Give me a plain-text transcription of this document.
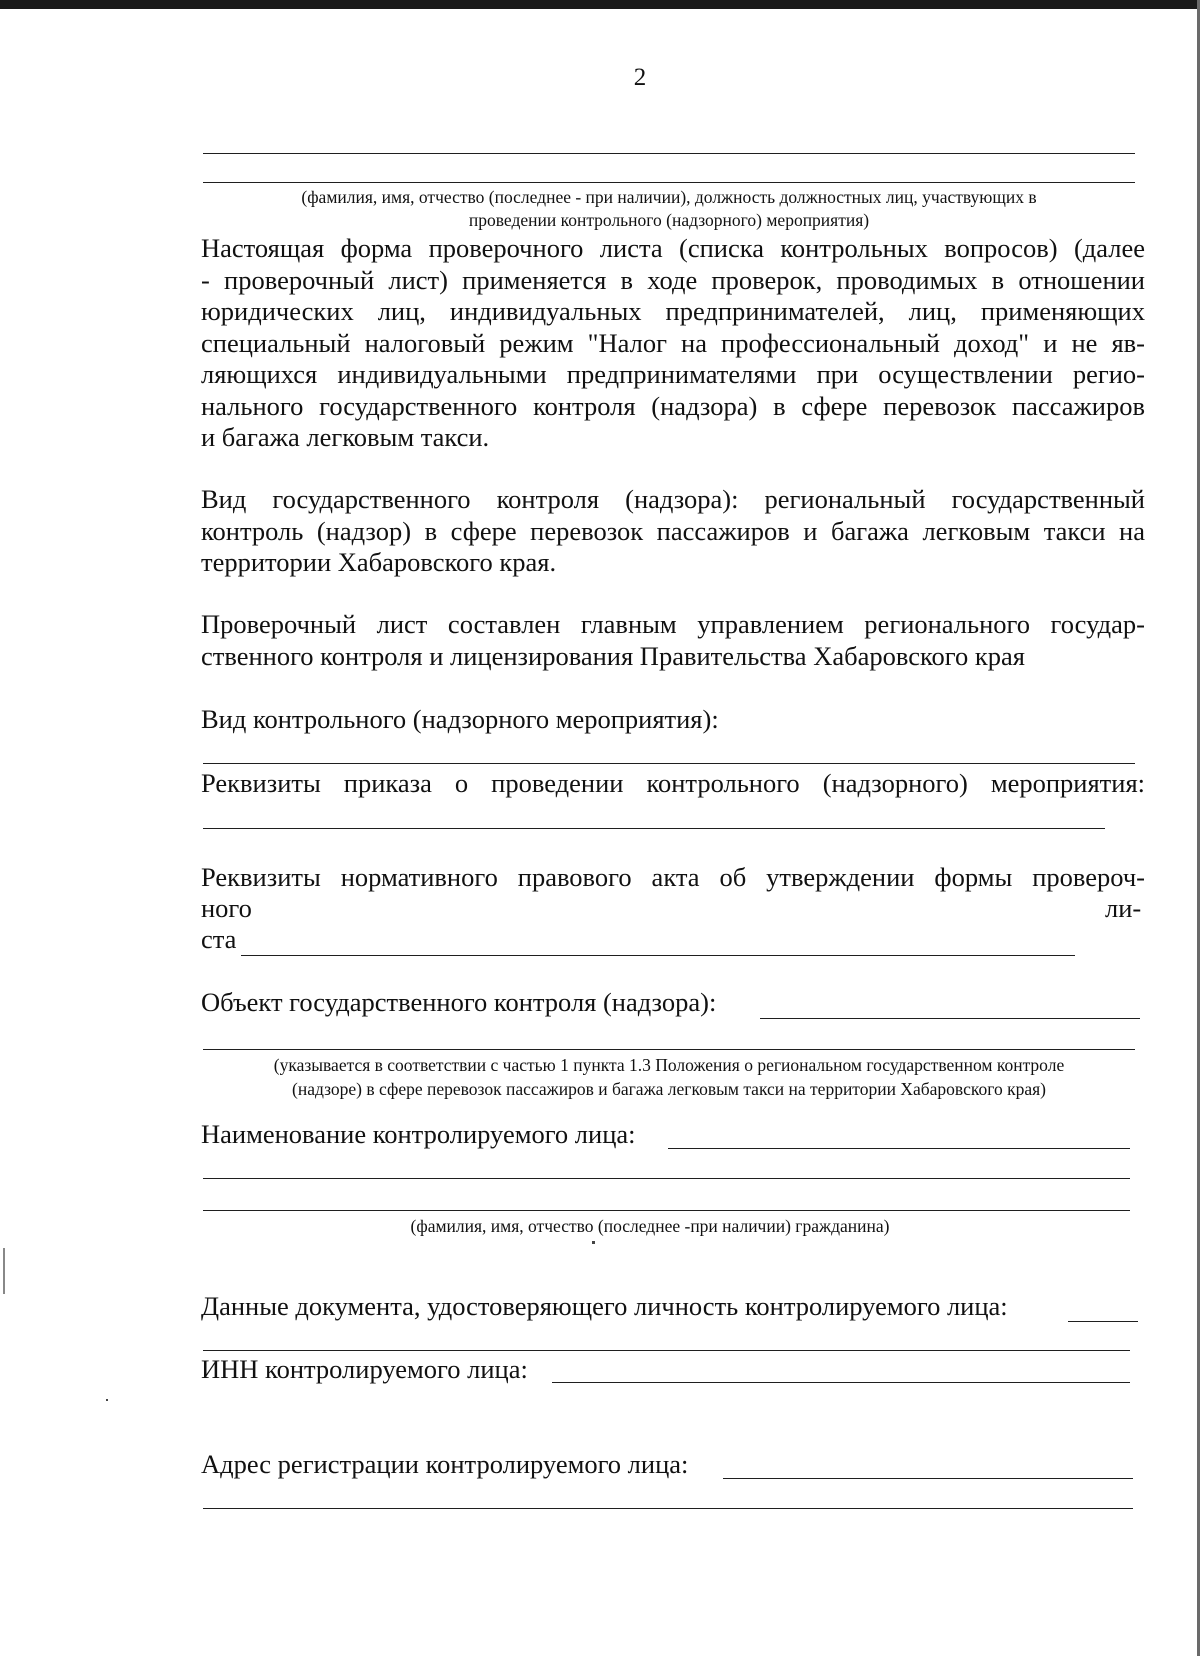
2
(фамилия, имя, отчество (последнее - при наличии), должность должностных лиц, участвующих в
проведении контрольного (надзорного) мероприятия)
Настоящая форма проверочного листа (списка контрольных вопросов) (далее
- проверочный лист) применяется в ходе проверок, проводимых в отношении
юридических лиц, индивидуальных предпринимателей, лиц, применяющих
специальный налоговый режим "Налог на профессиональный доход" и не яв-
ляющихся индивидуальными предпринимателями при осуществлении регио-
нального государственного контроля (надзора) в сфере перевозок пассажиров
и багажа легковым такси.
Вид государственного контроля (надзора): региональный государственный
контроль (надзор) в сфере перевозок пассажиров и багажа легковым такси на
территории Хабаровского края.
Проверочный лист составлен главным управлением регионального государ-
ственного контроля и лицензирования Правительства Хабаровского края
Вид контрольного (надзорного мероприятия):
Реквизиты приказа о проведении контрольного (надзорного) мероприятия:
Реквизиты нормативного правового акта об утверждении формы провероч-
ного	ли-
ста
Объект государственного контроля (надзора):
(указывается в соответствии с частью 1 пункта 1.3 Положения о региональном государственном контроле
(надзоре) в сфере перевозок пассажиров и багажа легковым такси на территории Хабаровского края)
Наименование контролируемого лица:
(фамилия, имя, отчество (последнее -при наличии) гражданина)
Данные документа, удостоверяющего личность контролируемого лица:
ИНН контролируемого лица:
Адрес регистрации контролируемого лица:
